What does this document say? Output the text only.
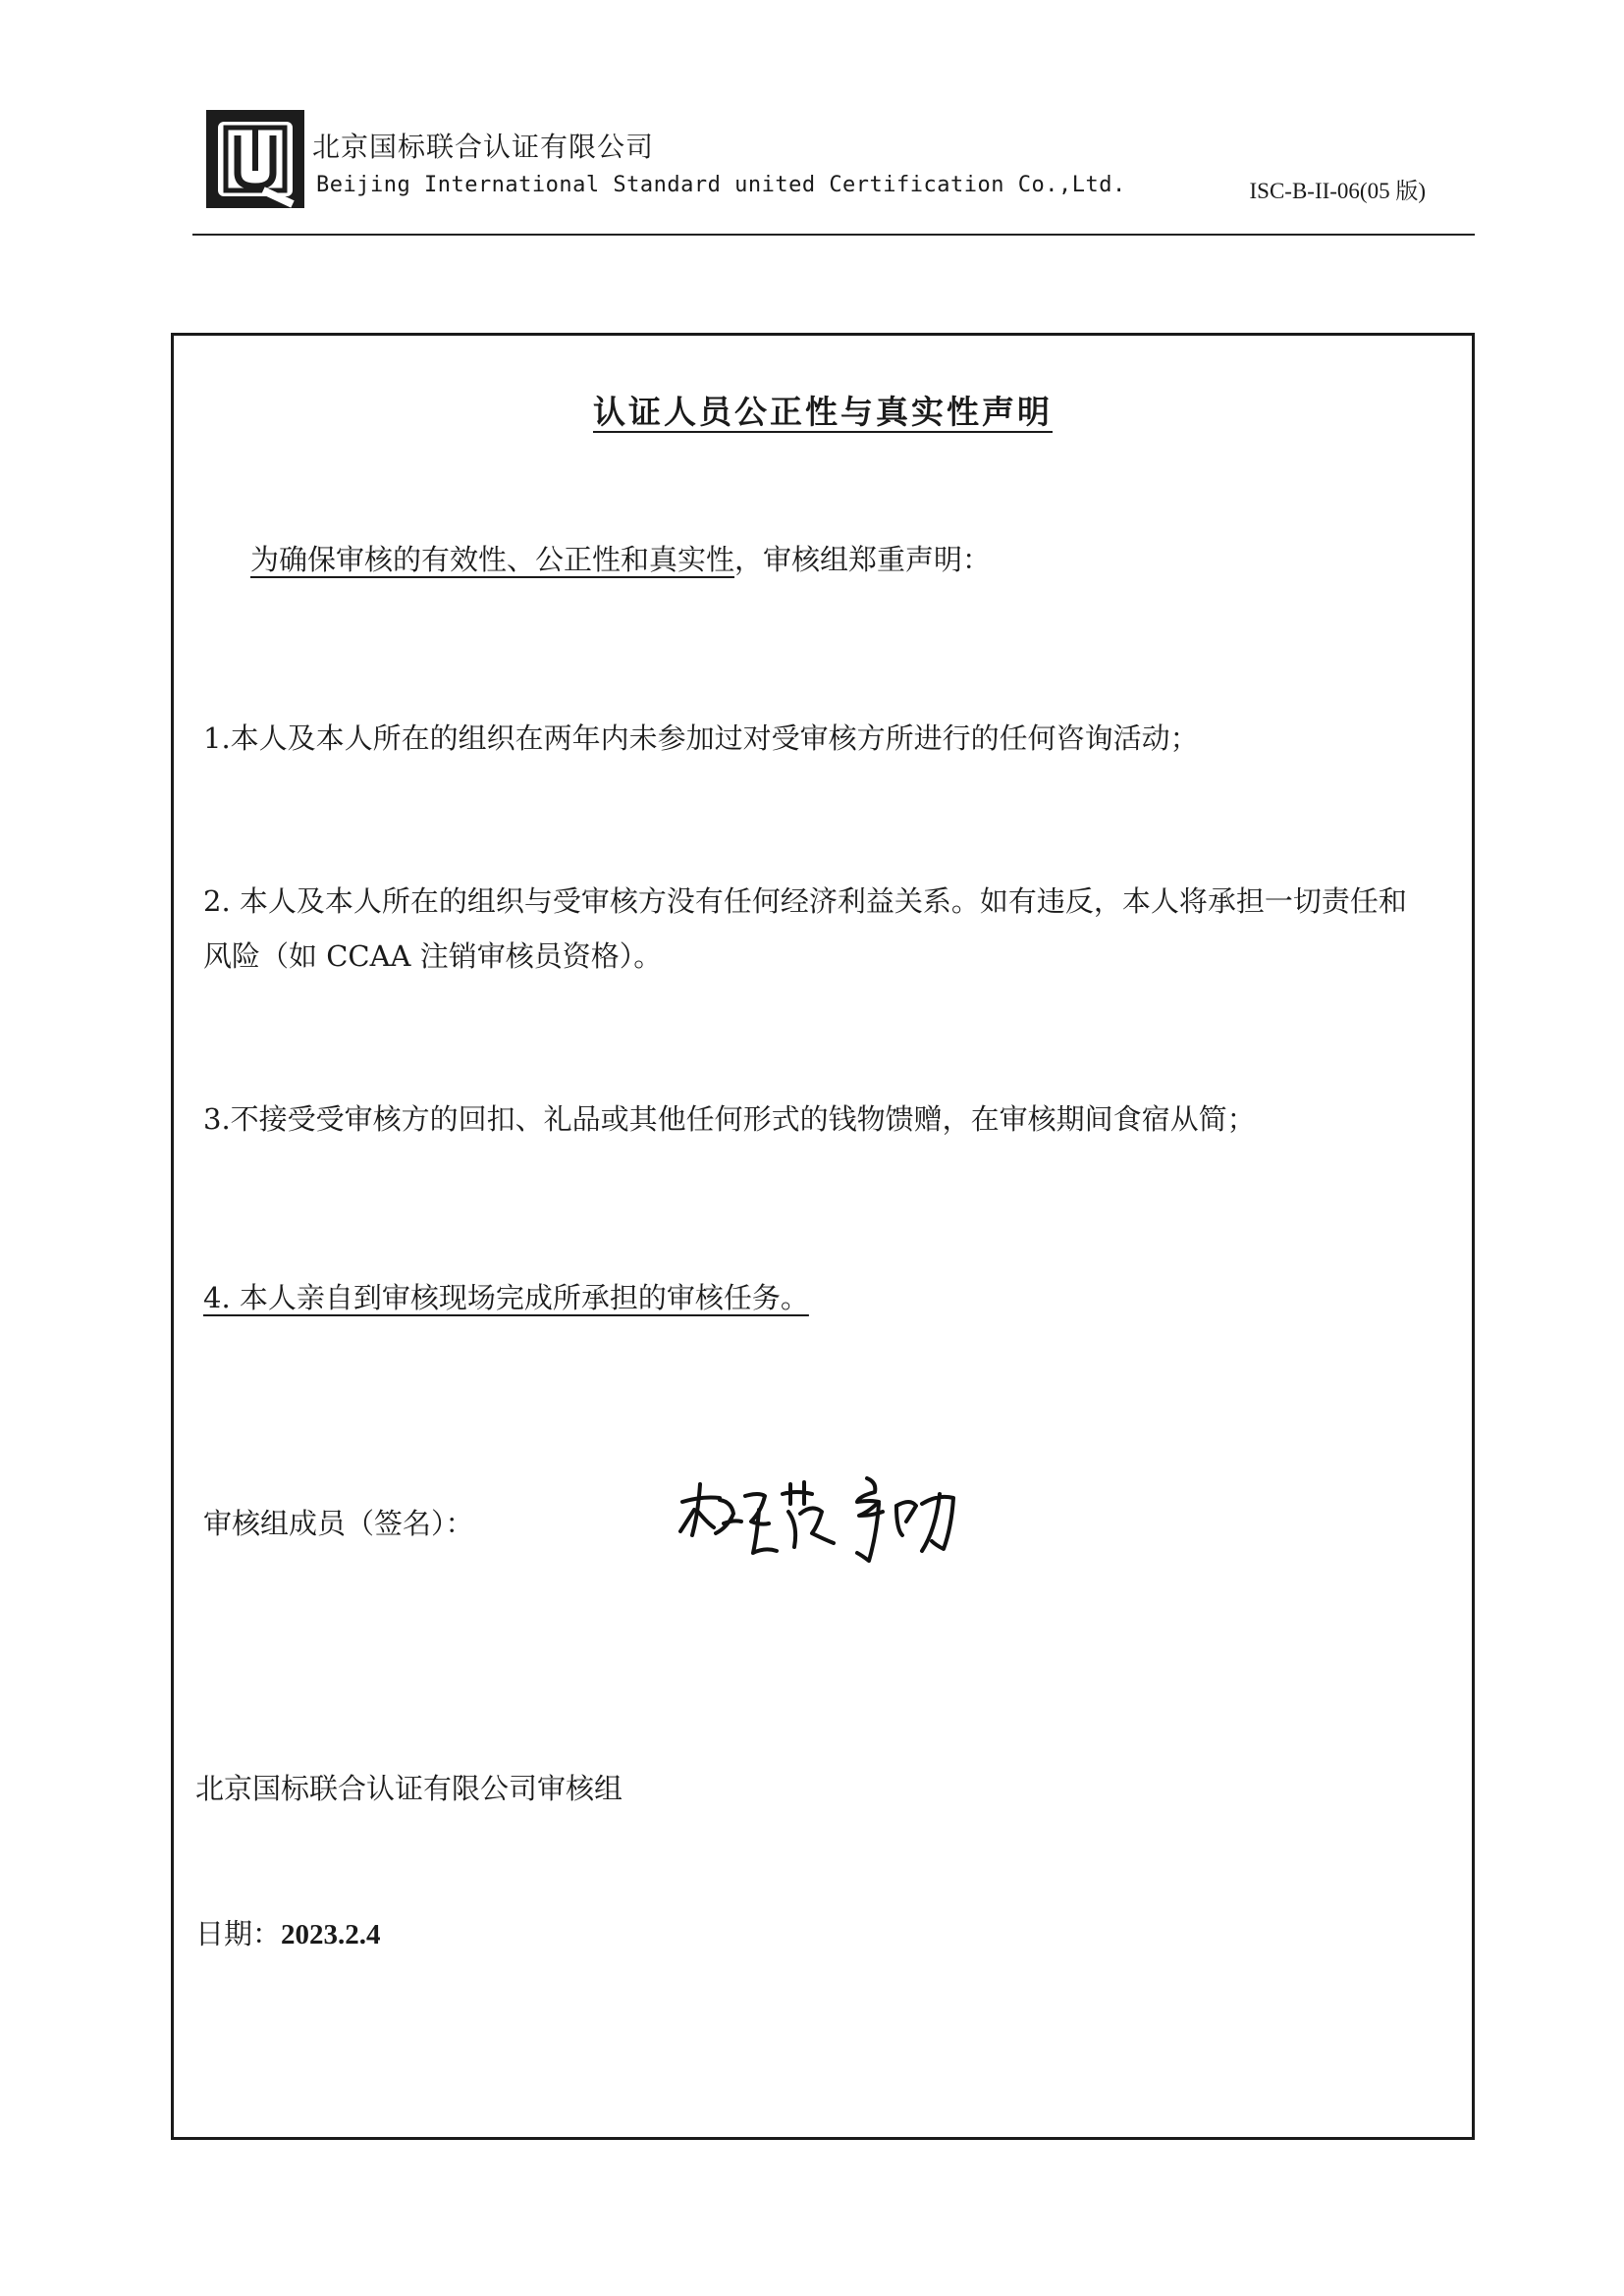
北京国标联合认证有限公司
Beijing International Standard united Certification Co.,Ltd.	ISC-B-II-06(05 版)
认证人员公正性与真实性声明
为确保审核的有效性、公正性和真实性，审核组郑重声明：
1.本人及本人所在的组织在两年内未参加过对受审核方所进行的任何咨询活动；
2. 本人及本人所在的组织与受审核方没有任何经济利益关系。如有违反，本人将承担一切责任和
风险（如 CCAA 注销审核员资格）。
3.不接受受审核方的回扣、礼品或其他任何形式的钱物馈赠，在审核期间食宿从简；
4. 本人亲自到审核现场完成所承担的审核任务。 
审核组成员（签名）：
北京国标联合认证有限公司审核组
日期：2023.2.4
